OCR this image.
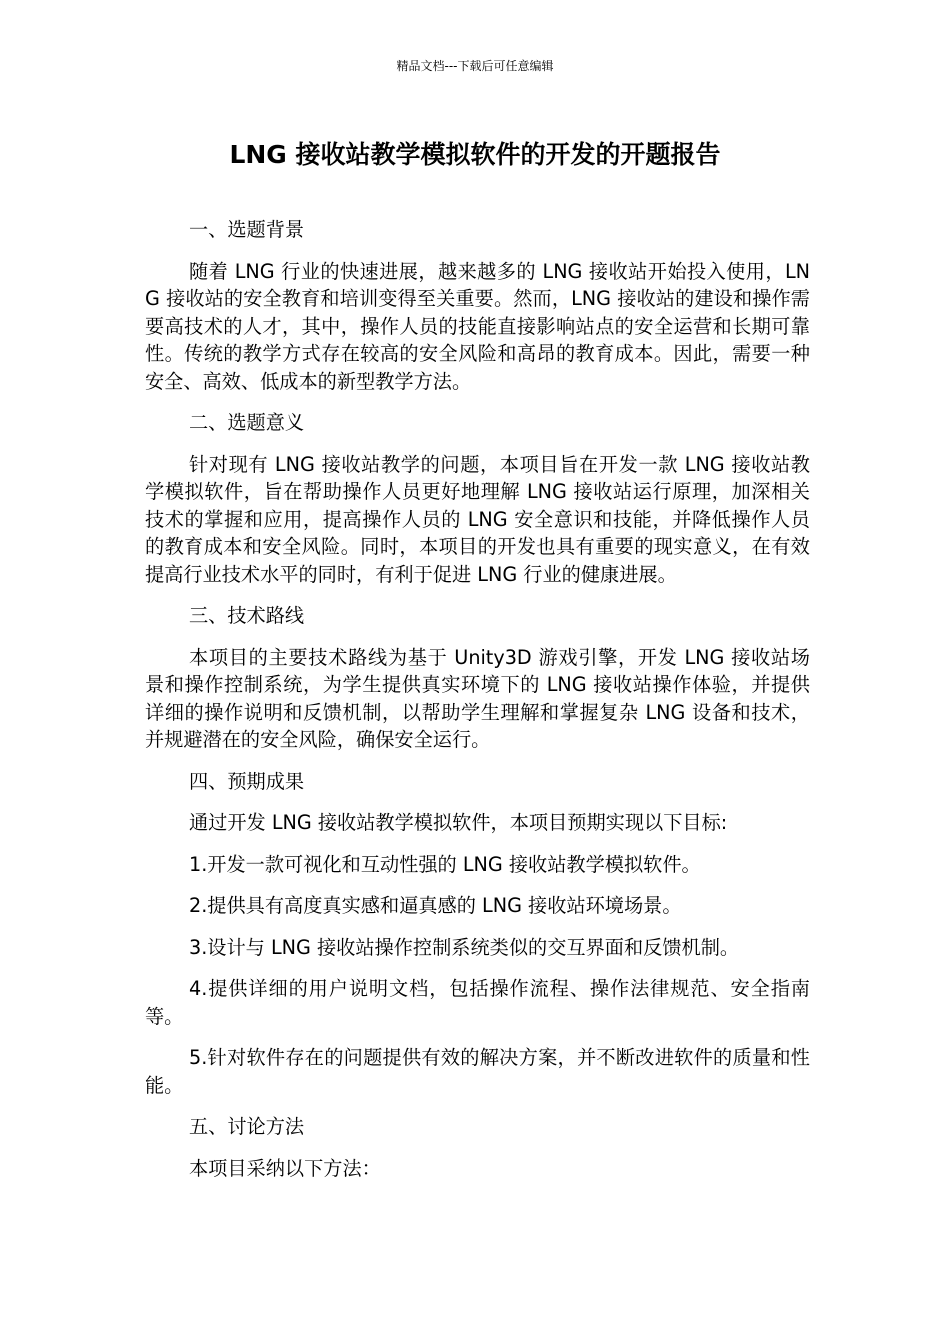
精品文档---下载后可任意编辑
LNG 接收站教学模拟软件的开发的开题报告
一、选题背景

随着 LNG 行业的快速进展，越来越多的 LNG 接收站开始投入使用，LNG 接收站的安全教育和培训变得至关重要。然而，LNG 接收站的建设和操作需要高技术的人才，其中，操作人员的技能直接影响站点的安全运营和长期可靠性。传统的教学方式存在较高的安全风险和高昂的教育成本。因此，需要一种安全、高效、低成本的新型教学方法。

二、选题意义

针对现有 LNG 接收站教学的问题，本项目旨在开发一款 LNG 接收站教学模拟软件，旨在帮助操作人员更好地理解 LNG 接收站运行原理，加深相关技术的掌握和应用，提高操作人员的 LNG 安全意识和技能，并降低操作人员的教育成本和安全风险。同时，本项目的开发也具有重要的现实意义，在有效提高行业技术水平的同时，有利于促进 LNG 行业的健康进展。

三、技术路线

本项目的主要技术路线为基于 Unity3D 游戏引擎，开发 LNG 接收站场景和操作控制系统，为学生提供真实环境下的 LNG 接收站操作体验，并提供详细的操作说明和反馈机制，以帮助学生理解和掌握复杂 LNG 设备和技术，并规避潜在的安全风险，确保安全运行。

四、预期成果

通过开发 LNG 接收站教学模拟软件，本项目预期实现以下目标:

1.开发一款可视化和互动性强的 LNG 接收站教学模拟软件。

2.提供具有高度真实感和逼真感的 LNG 接收站环境场景。

3.设计与 LNG 接收站操作控制系统类似的交互界面和反馈机制。

4.提供详细的用户说明文档，包括操作流程、操作法律规范、安全指南等。

5.针对软件存在的问题提供有效的解决方案，并不断改进软件的质量和性能。

五、讨论方法

本项目采纳以下方法：
